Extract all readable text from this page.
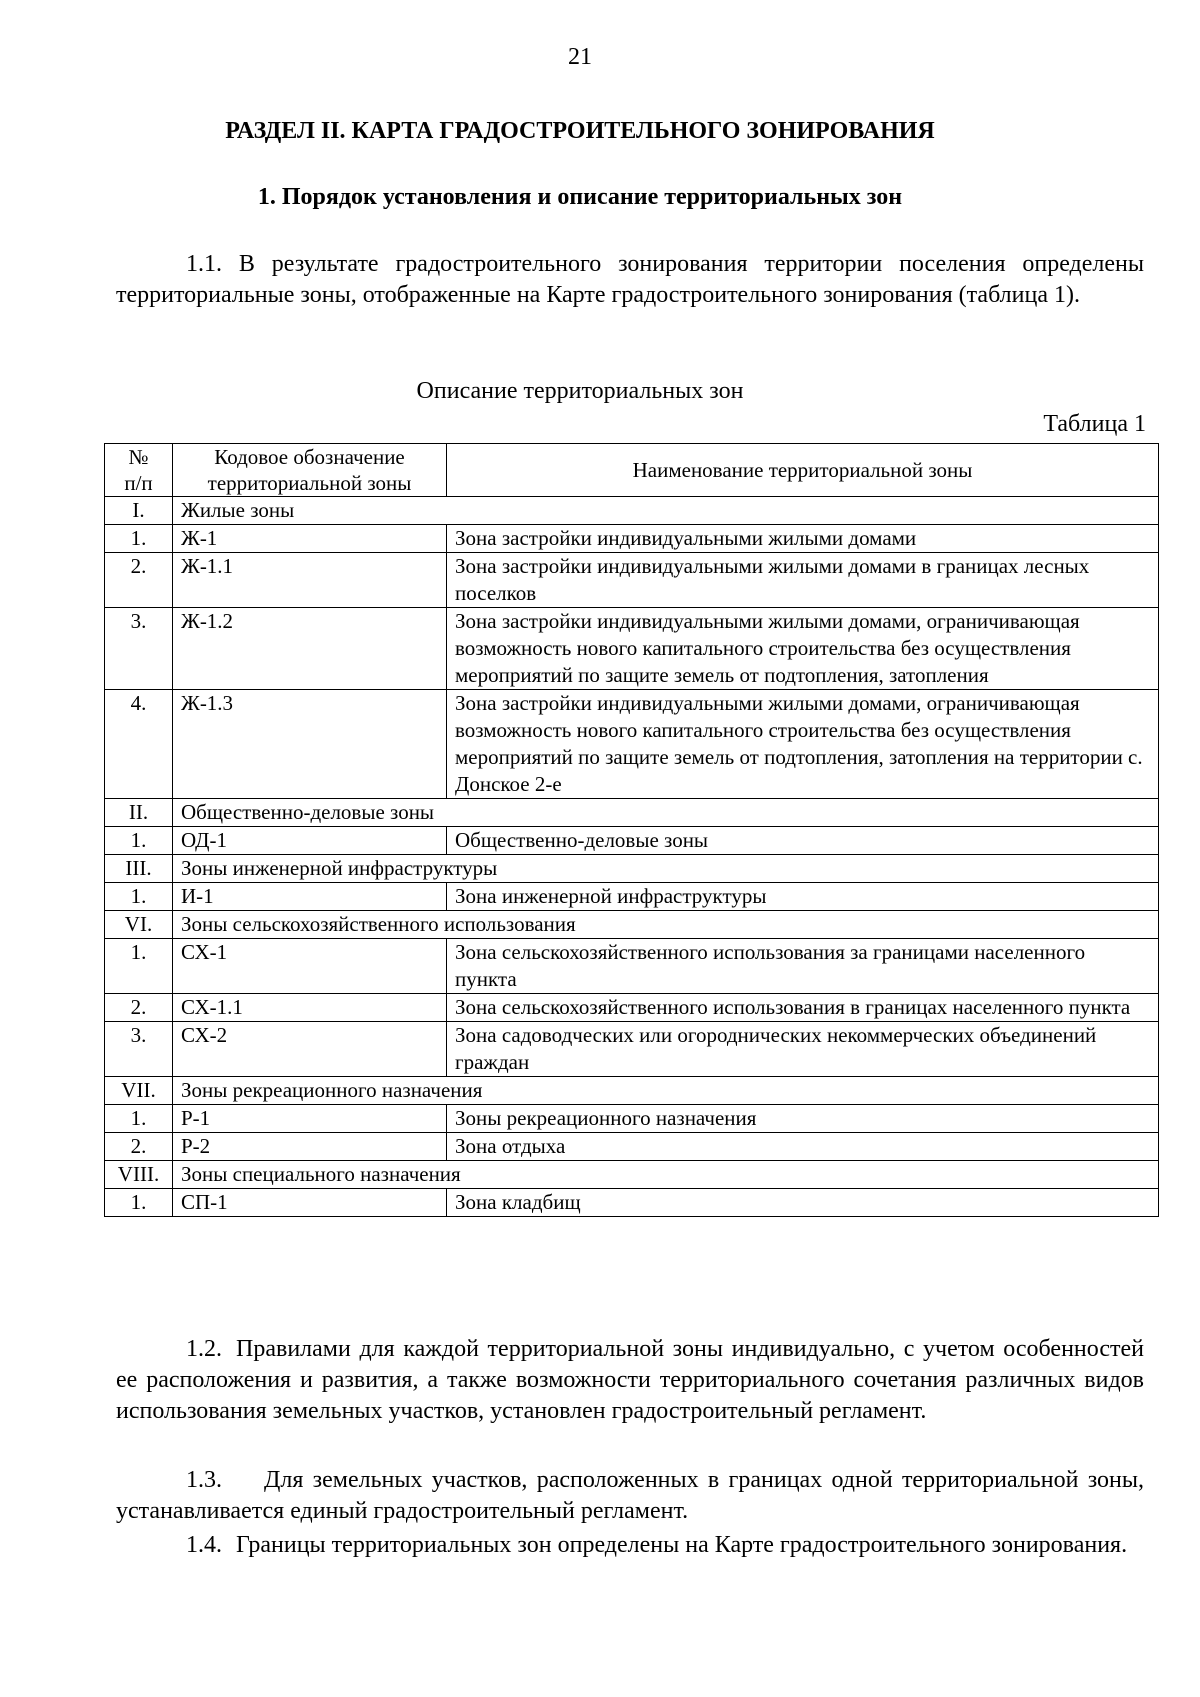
21
РАЗДЕЛ II. КАРТА ГРАДОСТРОИТЕЛЬНОГО ЗОНИРОВАНИЯ
1. Порядок установления и описание территориальных зон
1.1. В результате градостроительного зонирования территории поселения определены территориальные зоны, отображенные на Карте градостроительного зонирования (таблица 1).
Описание территориальных зон
Таблица 1
№ п/п	Кодовое обозначение территориальной зоны	Наименование территориальной зоны
I.	Жилые зоны	
1.	Ж-1	Зона застройки индивидуальными жилыми домами
2.	Ж-1.1	Зона застройки индивидуальными жилыми домами в границах лесных поселков
3.	Ж-1.2	Зона застройки индивидуальными жилыми домами, ограничивающая возможность нового капитального строительства без осуществления мероприятий по защите земель от подтопления, затопления
4.	Ж-1.3	Зона застройки индивидуальными жилыми домами, ограничивающая возможность нового капитального строительства без осуществления мероприятий по защите земель от подтопления, затопления на территории с. Донское 2-е
II.	Общественно-деловые зоны	
1.	ОД-1	Общественно-деловые зоны
III.	Зоны инженерной инфраструктуры	
1.	И-1	Зона инженерной инфраструктуры
VI.	Зоны сельскохозяйственного использования	
1.	СХ-1	Зона сельскохозяйственного использования за границами населенного пункта
2.	СХ-1.1	Зона сельскохозяйственного использования в границах населенного пункта
3.	СХ-2	Зона садоводческих или огороднических некоммерческих объединений граждан
VII.	Зоны рекреационного назначения	
1.	Р-1	Зоны рекреационного назначения
2.	Р-2	Зона отдыха
VIII.	Зоны специального назначения	
1.	СП-1	Зона кладбищ
1.2. Правилами для каждой территориальной зоны индивидуально, с учетом особенностей ее расположения и развития, а также возможности территориального сочетания различных видов использования земельных участков, установлен градостроительный регламент.
1.3. Для земельных участков, расположенных в границах одной территориальной зоны, устанавливается единый градостроительный регламент.
1.4. Границы территориальных зон определены на Карте градостроительного зонирования.
